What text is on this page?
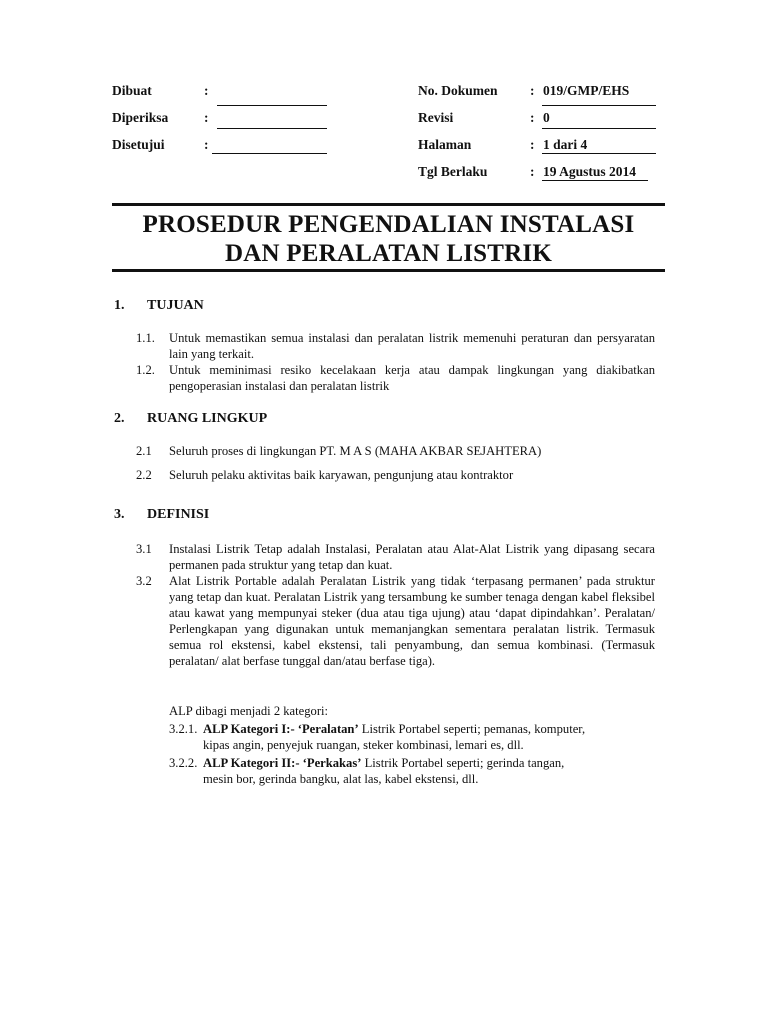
Dibuat	:
Diperiksa	:
Disetujui	:
No. Dokumen : 019/GMP/EHS
Revisi	: 0
Halaman	: 1 dari 4
Tgl Berlaku	: 19 Agustus 2014
PROSEDUR PENGENDALIAN INSTALASI
DAN PERALATAN LISTRIK
1. TUJUAN
1.1. Untuk memastikan semua instalasi dan peralatan listrik memenuhi peraturan dan persyaratan lain yang terkait.
1.2. Untuk meminimasi resiko kecelakaan kerja atau dampak lingkungan yang diakibatkan pengoperasian instalasi dan peralatan listrik
2. RUANG LINGKUP
2.1 Seluruh proses di lingkungan PT. M A S (MAHA AKBAR SEJAHTERA)
2.2 Seluruh pelaku aktivitas baik karyawan, pengunjung atau kontraktor
3. DEFINISI
3.1 Instalasi Listrik Tetap adalah Instalasi, Peralatan atau Alat-Alat Listrik yang dipasang secara permanen pada struktur yang tetap dan kuat.
3.2 Alat Listrik Portable adalah Peralatan Listrik yang tidak ‘terpasang permanen’ pada struktur yang tetap dan kuat. Peralatan Listrik yang tersambung ke sumber tenaga dengan kabel fleksibel atau kawat yang mempunyai steker (dua atau tiga ujung) atau ‘dapat dipindahkan’. Peralatan/ Perlengkapan yang digunakan untuk memanjangkan sementara peralatan listrik. Termasuk semua rol ekstensi, kabel ekstensi, tali penyambung, dan semua kombinasi. (Termasuk peralatan/ alat berfase tunggal dan/atau berfase tiga).
ALP dibagi menjadi 2 kategori:
3.2.1. ALP Kategori I:- ‘Peralatan’ Listrik Portabel seperti; pemanas, komputer,
kipas angin, penyejuk ruangan, steker kombinasi, lemari es, dll.
3.2.2. ALP Kategori II:- ‘Perkakas’ Listrik Portabel seperti; gerinda tangan,
mesin bor, gerinda bangku, alat las, kabel ekstensi, dll.
